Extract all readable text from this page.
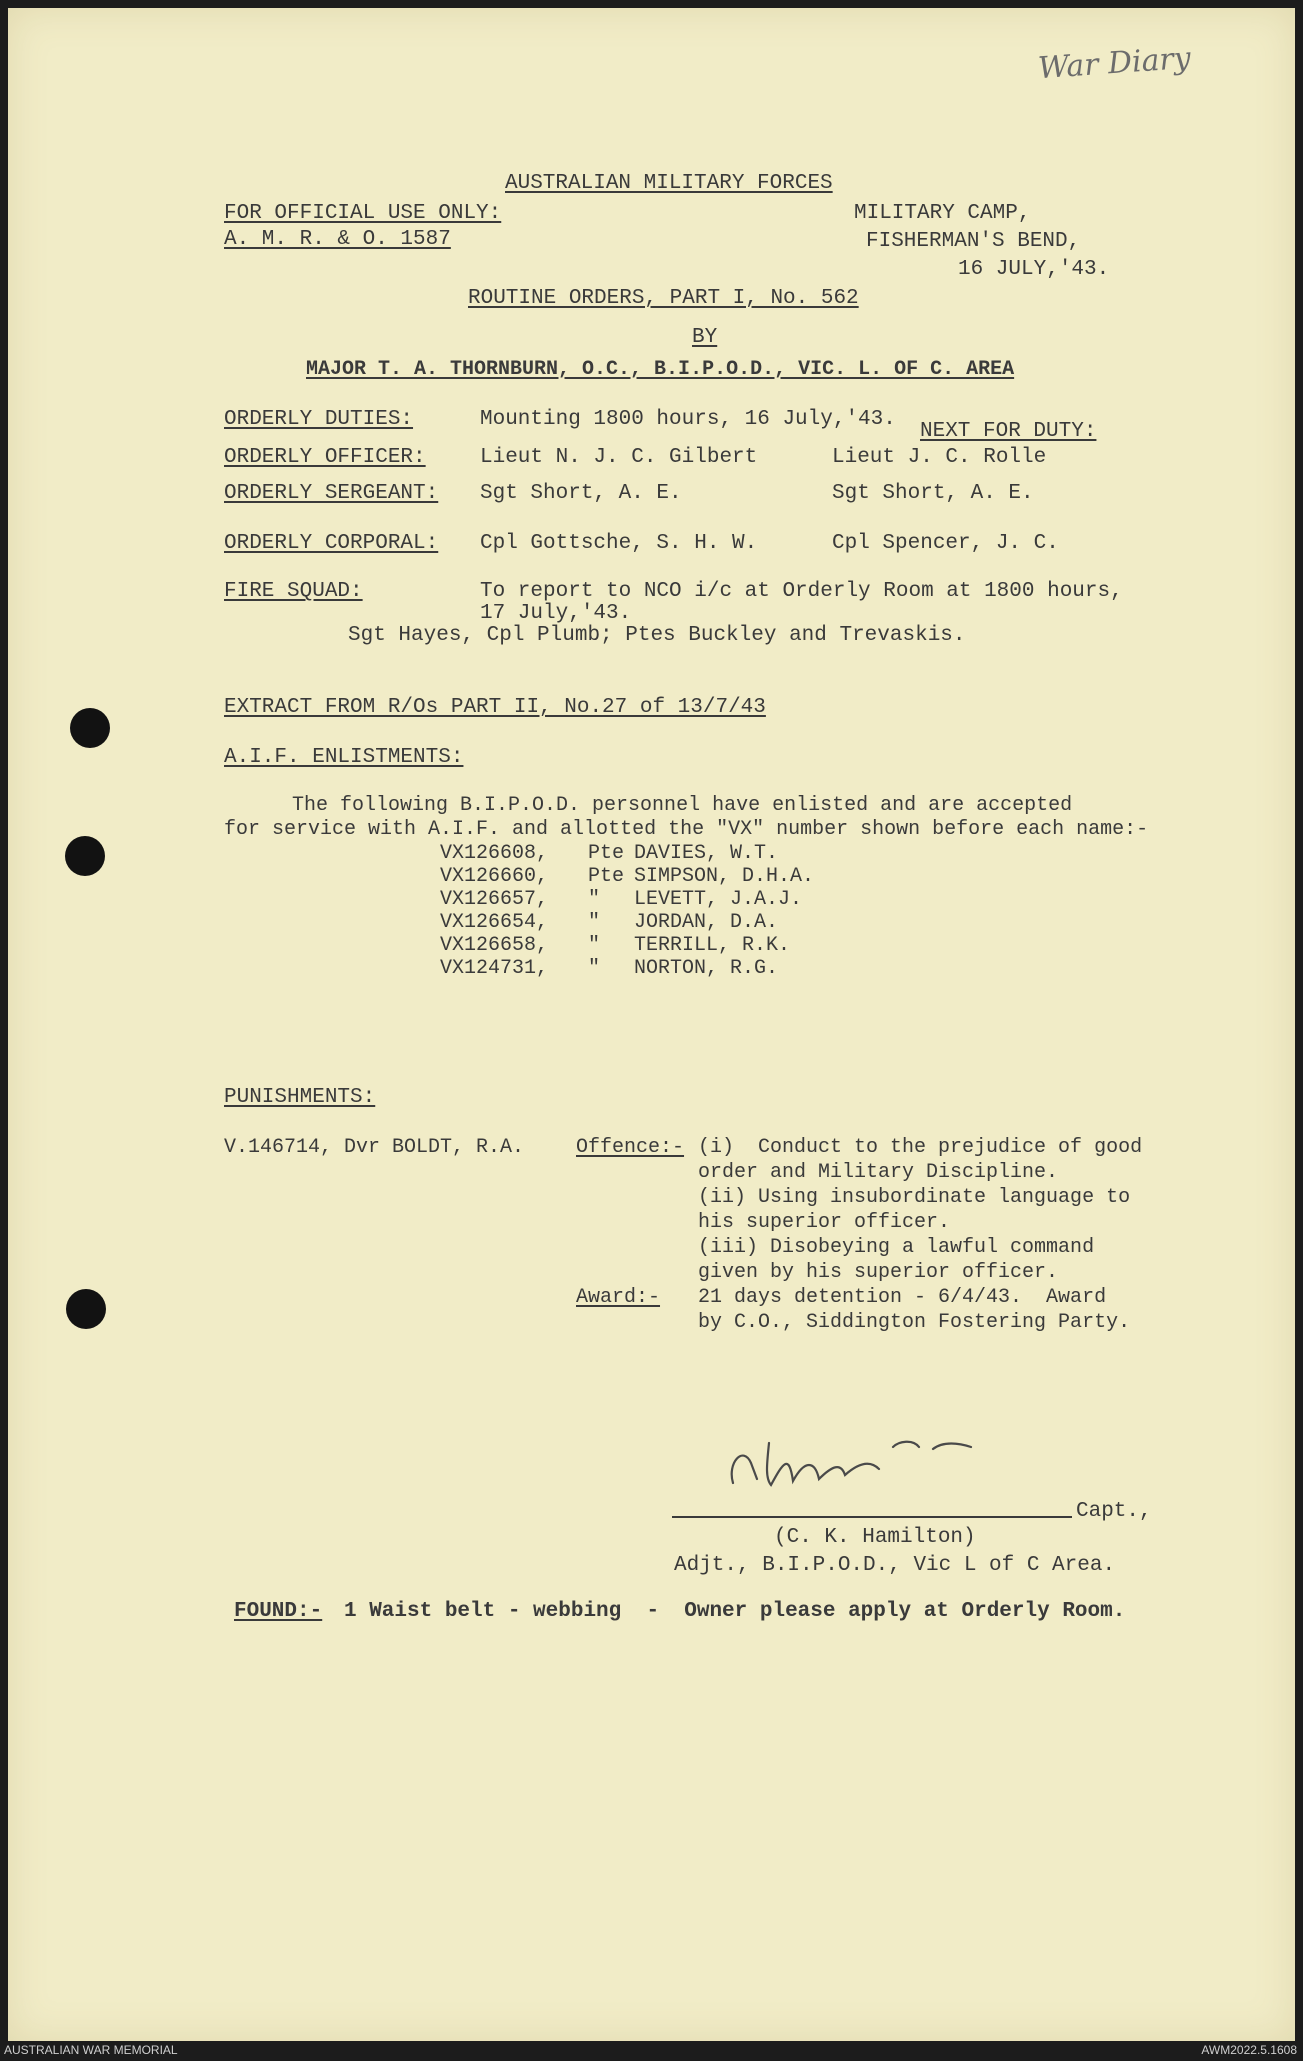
War Diary
AUSTRALIAN MILITARY FORCES
FOR OFFICIAL USE ONLY:
A. M. R. & O. 1587
MILITARY CAMP,
FISHERMAN'S BEND,
16 JULY,'43.
ROUTINE ORDERS, PART I, No. 562
BY
MAJOR T. A. THORNBURN, O.C., B.I.P.O.D., VIC. L. OF C. AREA
ORDERLY DUTIES:	Mounting 1800 hours, 16 July,'43.
NEXT FOR DUTY:
ORDERLY OFFICER:	Lieut N. J. C. Gilbert	Lieut J. C. Rolle
ORDERLY SERGEANT: Sgt Short, A. E.	Sgt Short, A. E.
ORDERLY CORPORAL: Cpl Gottsche, S. H. W.	Cpl Spencer, J. C.
FIRE SQUAD:	To report to NCO i/c at Orderly Room at 1800 hours,
17 July,'43.
Sgt Hayes, Cpl Plumb; Ptes Buckley and Trevaskis.
EXTRACT FROM R/Os PART II, No.27 of 13/7/43
A.I.F. ENLISTMENTS:
The following B.I.P.O.D. personnel have enlisted and are accepted
for service with A.I.F. and allotted the "VX" number shown before each name:-
VX126608, Pte DAVIES, W.T.
VX126660, Pte SIMPSON, D.H.A.
VX126657, " LEVETT, J.A.J.
VX126654, " JORDAN, D.A.
VX126658, " TERRILL, R.K.
VX124731, " NORTON, R.G.
PUNISHMENTS:
V.146714, Dvr BOLDT, R.A.	Offence:- (i)  Conduct to the prejudice of good
order and Military Discipline.
(ii) Using insubordinate language to
his superior officer.
(iii) Disobeying a lawful command
given by his superior officer.
Award:- 21 days detention - 6/4/43.  Award
by C.O., Siddington Fostering Party.
Capt.,
(C. K. Hamilton)
Adjt., B.I.P.O.D., Vic L of C Area.
FOUND:- 1 Waist belt - webbing  -  Owner please apply at Orderly Room.
AUSTRALIAN WAR MEMORIAL	AWM2022.5.1608
